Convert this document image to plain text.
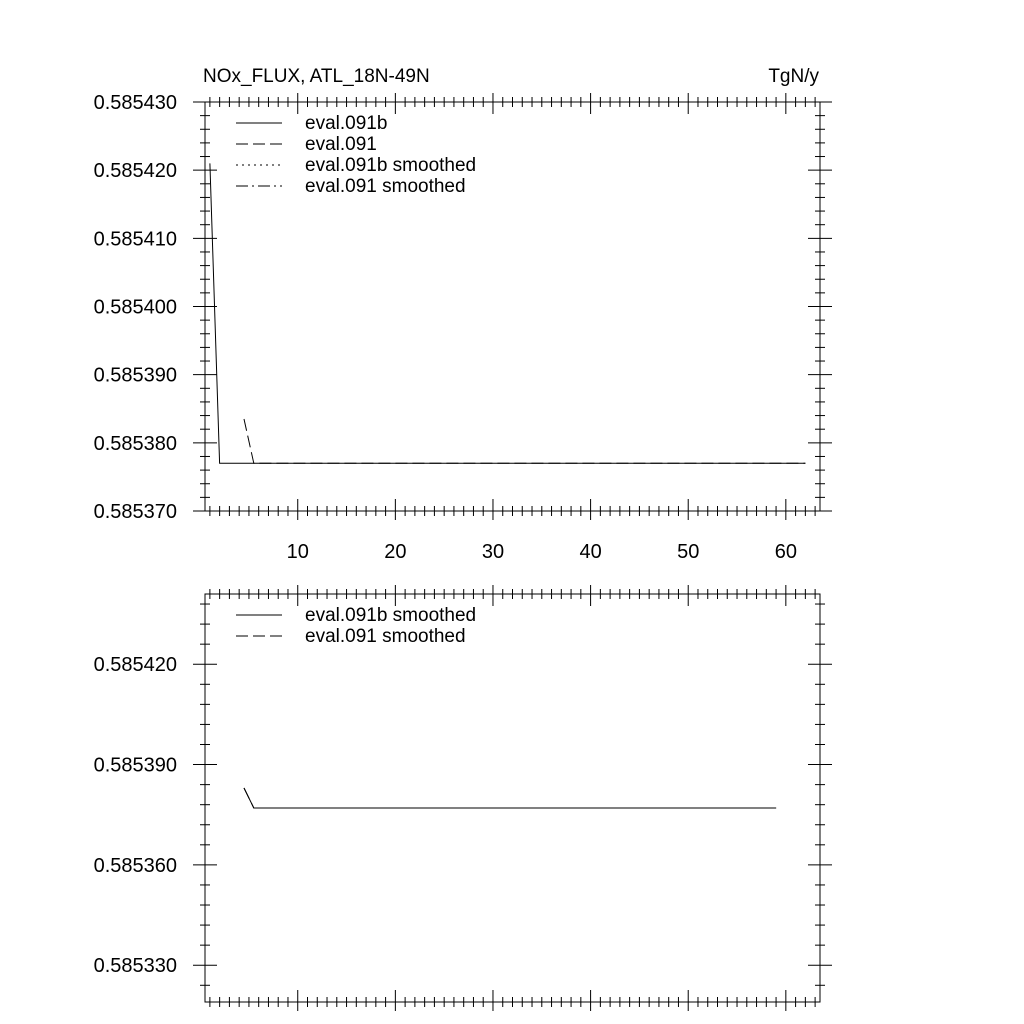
0.585370
0.585380
0.585390
0.585400
0.585410
0.585420
0.585430
10	20	30	40	50	60
NOx_FLUX, ATL_18N-49N	TgN/y
eval.091b
eval.091
eval.091b smoothed
eval.091 smoothed
0.585330
0.585360
0.585390
0.585420
eval.091b smoothed
eval.091 smoothed
